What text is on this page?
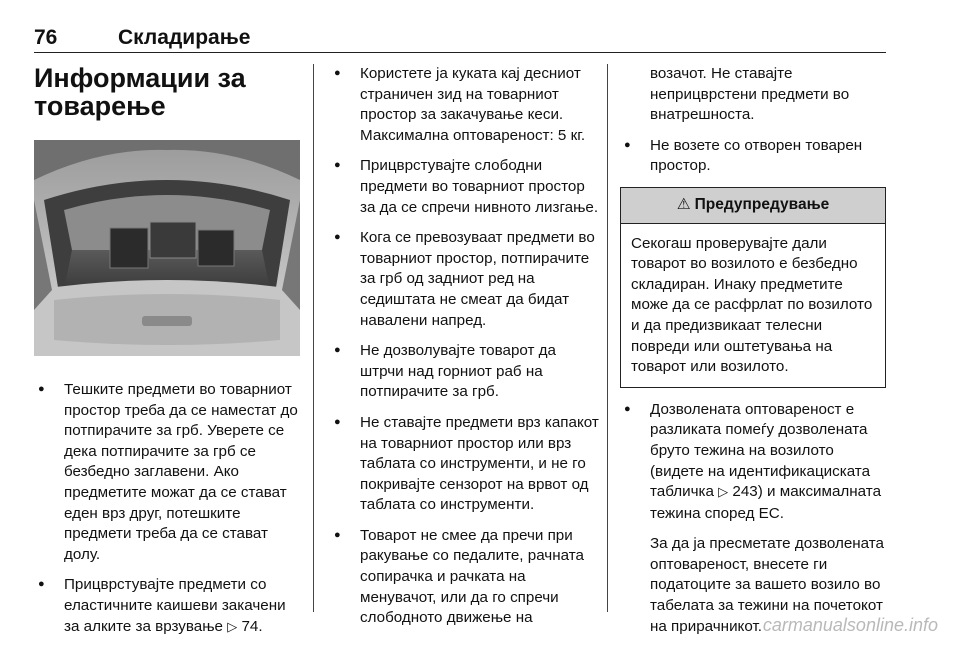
76	Складирање
Информации за товарење
● Тешките предмети во товарниот простор треба да се наместат до потпирачите за грб. Уверете се дека потпирачите за грб се безбедно заглавени. Ако предметите можат да се стават еден врз друг, потешките предмети треба да се стават долу.
● Прицврстувајте предмети со еластичните каишеви закачени за алките за врзување ▷ 74.
● Користете ја куката кај десниот страничен зид на товарниот простор за закачување кеси. Максимална оптовареност: 5 кг.
● Прицврстувајте слободни предмети во товарниот простор за да се спречи нивното лизгање.
● Кога се превозуваат предмети во товарниот простор, потпирачите за грб од задниот ред на седиштата не смеат да бидат навалени напред.
● Не дозволувајте товарот да штрчи над горниот раб на потпирачите за грб.
● Не ставајте предмети врз капакот на товарниот простор или врз таблата со инструменти, и не го покривајте сензорот на врвот од таблата со инструменти.
● Товарот не смее да пречи при ракување со педалите, рачната сопирачка и рачката на менувачот, или да го спречи слободното движење на

возачот. Не ставајте неприцврстени предмети во внатрешноста.

● Не возете со отворен товарен простор.
⚠ Предупредување
Секогаш проверувајте дали товарот во возилото е безбедно складиран. Инаку предметите може да се расфрлат по возилото и да предизвикаат телесни повреди или оштетувања на товарот или возилото.
● Дозволената оптовареност е разликата помеѓу дозволената бруто тежина на возилото (видете на идентификациската табличка ▷ 243) и максималната тежина според ЕС.
За да ја пресметате дозволената оптовареност, внесете ги податоците за вашето возило во табелата за тежини на почетокот на прирачникот. carmanualsonline.info
